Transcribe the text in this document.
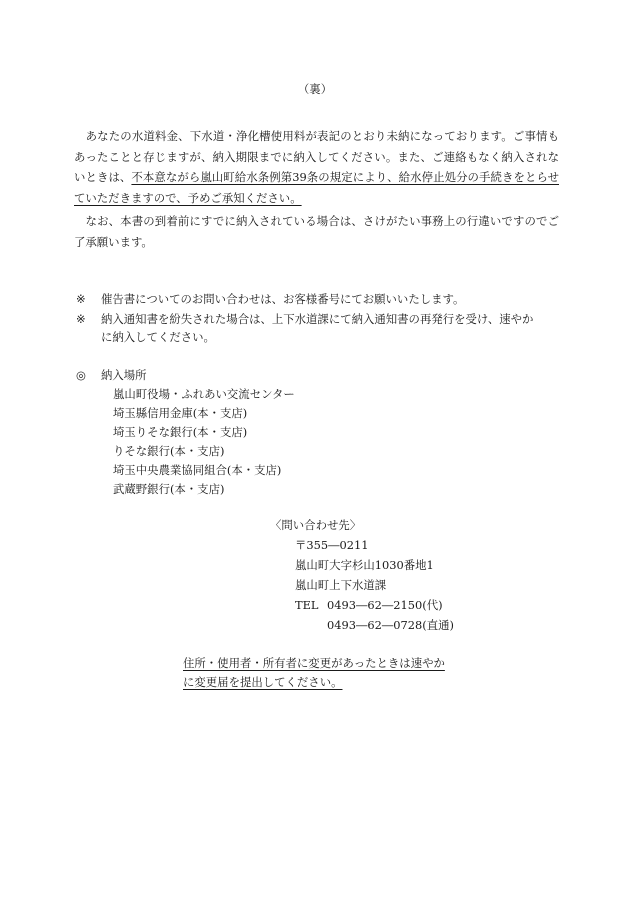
（裏）
　あなたの水道料金、下水道・浄化槽使用料が表記のとおり未納になっております。ご事情もあったことと存じますが、納入期限までに納入してください。また、ご連絡もなく納入されないときは、不本意ながら嵐山町給水条例第39条の規定により、給水停止処分の手続きをとらせていただきますので、予めご承知ください。
　なお、本書の到着前にすでに納入されている場合は、さけがたい事務上の行違いですのでご了承願います。
※ 催告書についてのお問い合わせは、お客様番号にてお願いいたします。
※ 納入通知書を紛失された場合は、上下水道課にて納入通知書の再発行を受け、速やか
に納入してください。
◎ 納入場所
嵐山町役場・ふれあい交流センター
埼玉縣信用金庫(本・支店)
埼玉りそな銀行(本・支店)
りそな銀行(本・支店)
埼玉中央農業協同組合(本・支店)
武蔵野銀行(本・支店)
〈問い合わせ先〉
〒355―0211
嵐山町大字杉山1030番地1
嵐山町上下水道課
TEL 0493―62―2150(代)
0493―62―0728(直通)
住所・使用者・所有者に変更があったときは速やか
に変更届を提出してください。
